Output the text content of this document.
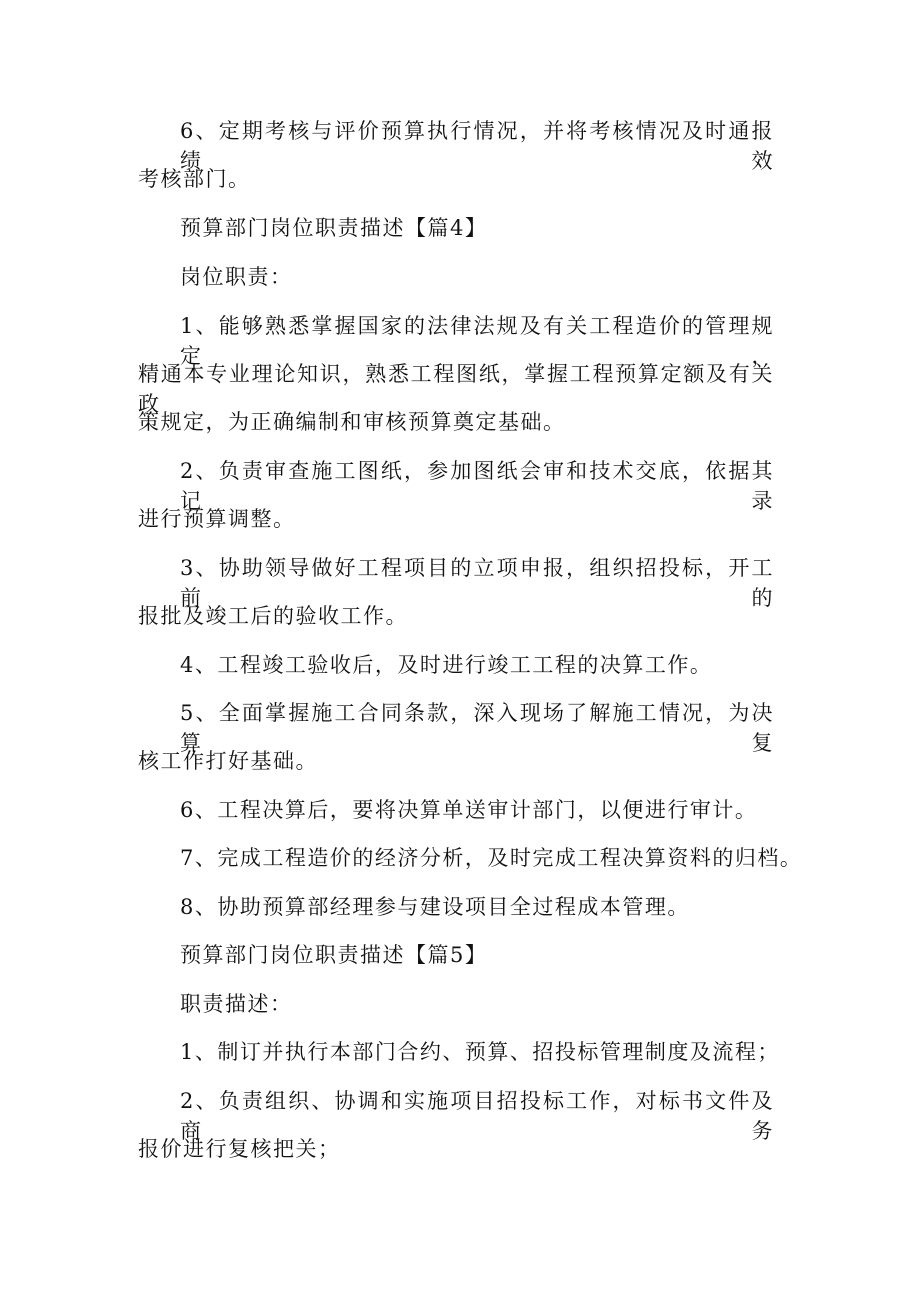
6、定期考核与评价预算执行情况，并将考核情况及时通报绩效
考核部门。
预算部门岗位职责描述【篇4】
岗位职责：
1、能够熟悉掌握国家的法律法规及有关工程造价的管理规定，
精通本专业理论知识，熟悉工程图纸，掌握工程预算定额及有关政
策规定，为正确编制和审核预算奠定基础。
2、负责审查施工图纸，参加图纸会审和技术交底，依据其记录
进行预算调整。
3、协助领导做好工程项目的立项申报，组织招投标，开工前的
报批及竣工后的验收工作。
4、工程竣工验收后，及时进行竣工工程的决算工作。
5、全面掌握施工合同条款，深入现场了解施工情况，为决算复
核工作打好基础。
6、工程决算后，要将决算单送审计部门，以便进行审计。
7、完成工程造价的经济分析，及时完成工程决算资料的归档。
8、协助预算部经理参与建设项目全过程成本管理。
预算部门岗位职责描述【篇5】
职责描述：
1、制订并执行本部门合约、预算、招投标管理制度及流程；
2、负责组织、协调和实施项目招投标工作，对标书文件及商务
报价进行复核把关；
